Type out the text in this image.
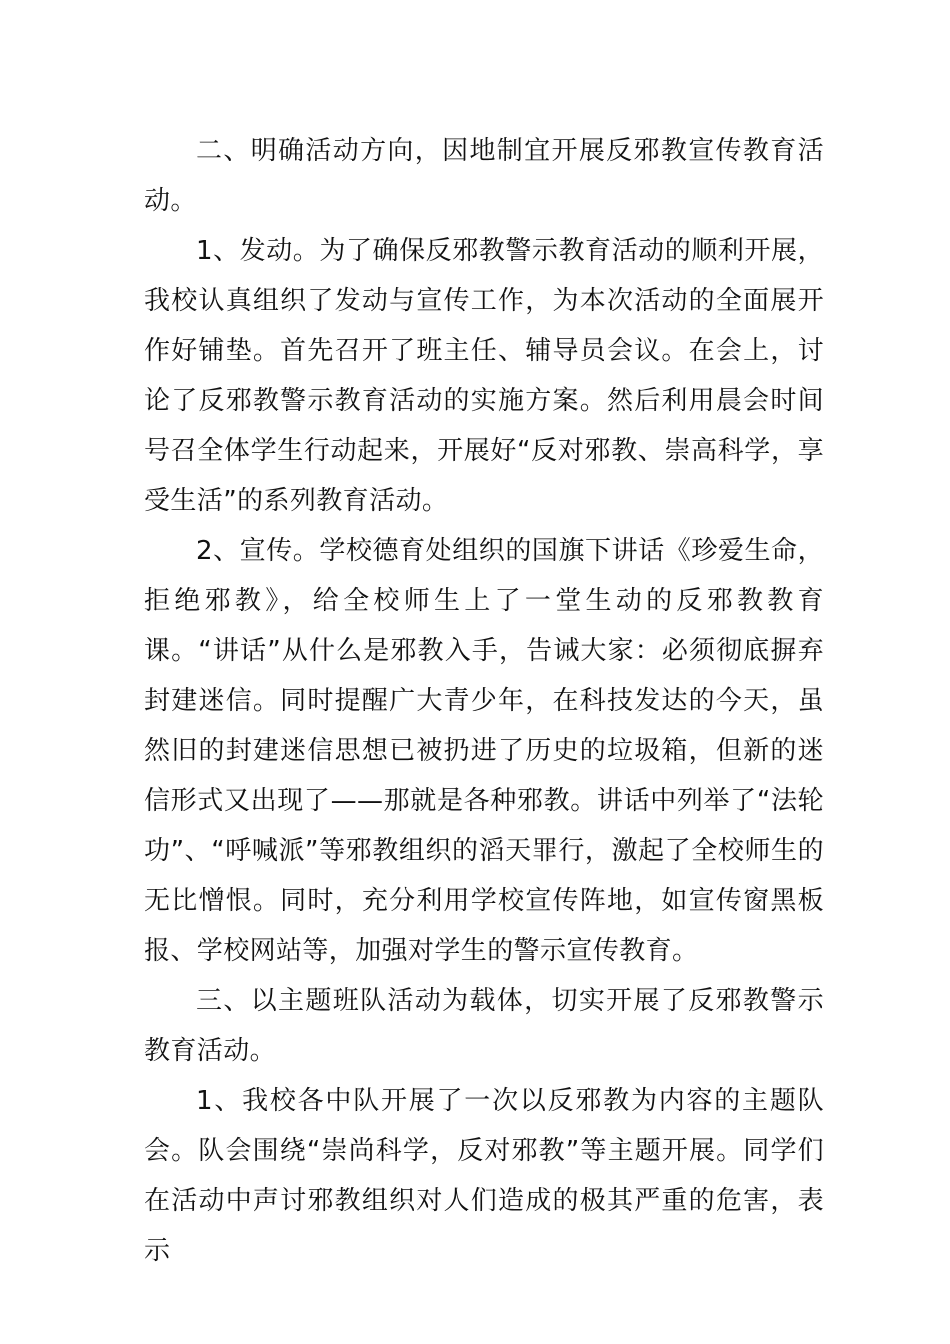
二、明确活动方向，因地制宜开展反邪教宣传教育活动。

1、发动。为了确保反邪教警示教育活动的顺利开展，我校认真组织了发动与宣传工作，为本次活动的全面展开作好铺垫。首先召开了班主任、辅导员会议。在会上，讨论了反邪教警示教育活动的实施方案。然后利用晨会时间号召全体学生行动起来，开展好“反对邪教、崇高科学，享受生活”的系列教育活动。

2、宣传。学校德育处组织的国旗下讲话《珍爱生命，拒绝邪教》，给全校师生上了一堂生动的反邪教教育课。“讲话”从什么是邪教入手，告诫大家：必须彻底摒弃封建迷信。同时提醒广大青少年，在科技发达的今天，虽然旧的封建迷信思想已被扔进了历史的垃圾箱，但新的迷信形式又出现了——那就是各种邪教。讲话中列举了“法轮功”、“呼喊派”等邪教组织的滔天罪行，激起了全校师生的无比憎恨。同时，充分利用学校宣传阵地，如宣传窗黑板报、学校网站等，加强对学生的警示宣传教育。

三、以主题班队活动为载体，切实开展了反邪教警示教育活动。

1、我校各中队开展了一次以反邪教为内容的主题队会。队会围绕“崇尚科学，反对邪教”等主题开展。同学们在活动中声讨邪教组织对人们造成的极其严重的危害，表示
